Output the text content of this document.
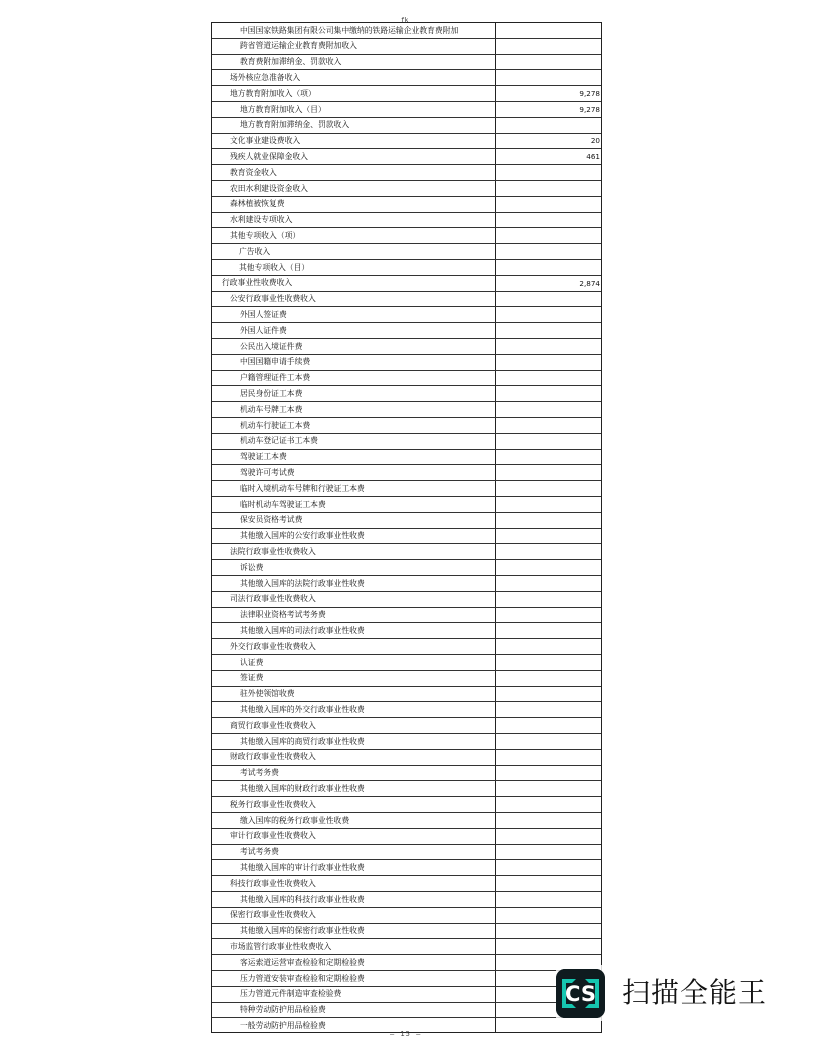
fk
中国国家铁路集团有限公司集中缴纳的铁路运输企业教育费附加
跨省管道运输企业教育费附加收入
教育费附加滞纳金、罚款收入
场外核应急准备收入
地方教育附加收入（项）	9,278
地方教育附加收入（目）	9,278
地方教育附加滞纳金、罚款收入
文化事业建设费收入	20
残疾人就业保障金收入	461
教育资金收入
农田水利建设资金收入
森林植被恢复费
水利建设专项收入
其他专项收入（项）
广告收入
其他专项收入（目）
行政事业性收费收入	2,874
公安行政事业性收费收入
外国人签证费
外国人证件费
公民出入境证件费
中国国籍申请手续费
户籍管理证件工本费
居民身份证工本费
机动车号牌工本费
机动车行驶证工本费
机动车登记证书工本费
驾驶证工本费
驾驶许可考试费
临时入境机动车号牌和行驶证工本费
临时机动车驾驶证工本费
保安员资格考试费
其他缴入国库的公安行政事业性收费
法院行政事业性收费收入
诉讼费
其他缴入国库的法院行政事业性收费
司法行政事业性收费收入
法律职业资格考试考务费
其他缴入国库的司法行政事业性收费
外交行政事业性收费收入
认证费
签证费
驻外使领馆收费
其他缴入国库的外交行政事业性收费
商贸行政事业性收费收入
其他缴入国库的商贸行政事业性收费
财政行政事业性收费收入
考试考务费
其他缴入国库的财政行政事业性收费
税务行政事业性收费收入
缴入国库的税务行政事业性收费
审计行政事业性收费收入
考试考务费
其他缴入国库的审计行政事业性收费
科技行政事业性收费收入
其他缴入国库的科技行政事业性收费
保密行政事业性收费收入
其他缴入国库的保密行政事业性收费
市场监管行政事业性收费收入
客运索道运营审查检验和定期检验费
压力管道安装审查检验和定期检验费
压力管道元件制造审查检验费
特种劳动防护用品检验费
一般劳动防护用品检验费
— 15 —
CS 扫描全能王
